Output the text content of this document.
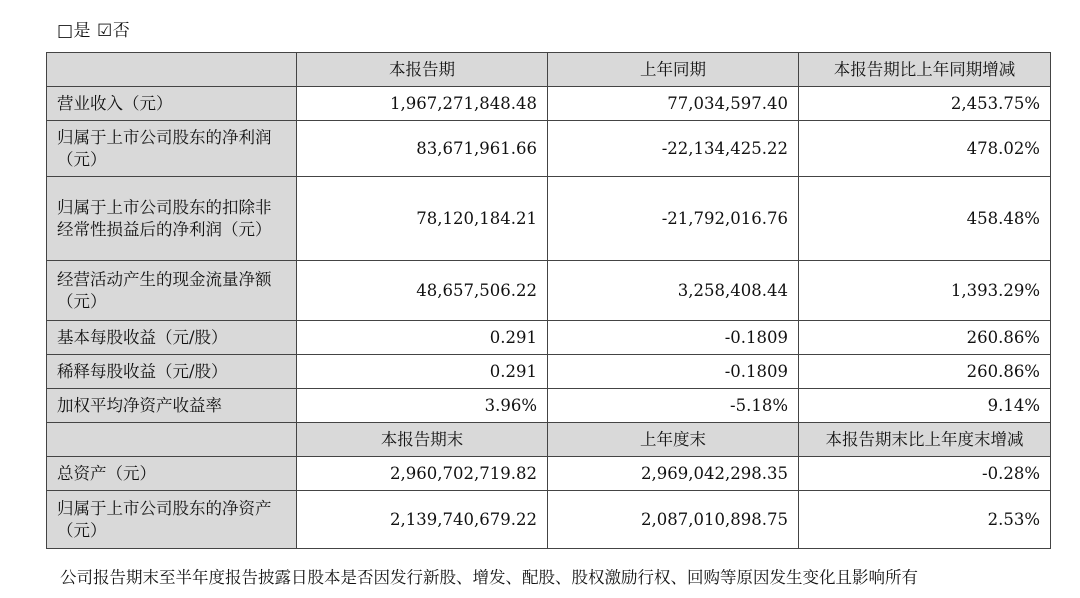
□是 ☑否
	本报告期	上年同期	本报告期比上年同期增减
营业收入（元）	1,967,271,848.48	77,034,597.40	2,453.75%
归属于上市公司股东的净利润（元）	83,671,961.66	-22,134,425.22	478.02%
归属于上市公司股东的扣除非经常性损益后的净利润（元）	78,120,184.21	-21,792,016.76	458.48%
经营活动产生的现金流量净额（元）	48,657,506.22	3,258,408.44	1,393.29%
基本每股收益（元/股）	0.291	-0.1809	260.86%
稀释每股收益（元/股）	0.291	-0.1809	260.86%
加权平均净资产收益率	3.96%	-5.18%	9.14%
	本报告期末	上年度末	本报告期末比上年度末增减
总资产（元）	2,960,702,719.82	2,969,042,298.35	-0.28%
归属于上市公司股东的净资产（元）	2,139,740,679.22	2,087,010,898.75	2.53%
公司报告期末至半年度报告披露日股本是否因发行新股、增发、配股、股权激励行权、回购等原因发生变化且影响所有
